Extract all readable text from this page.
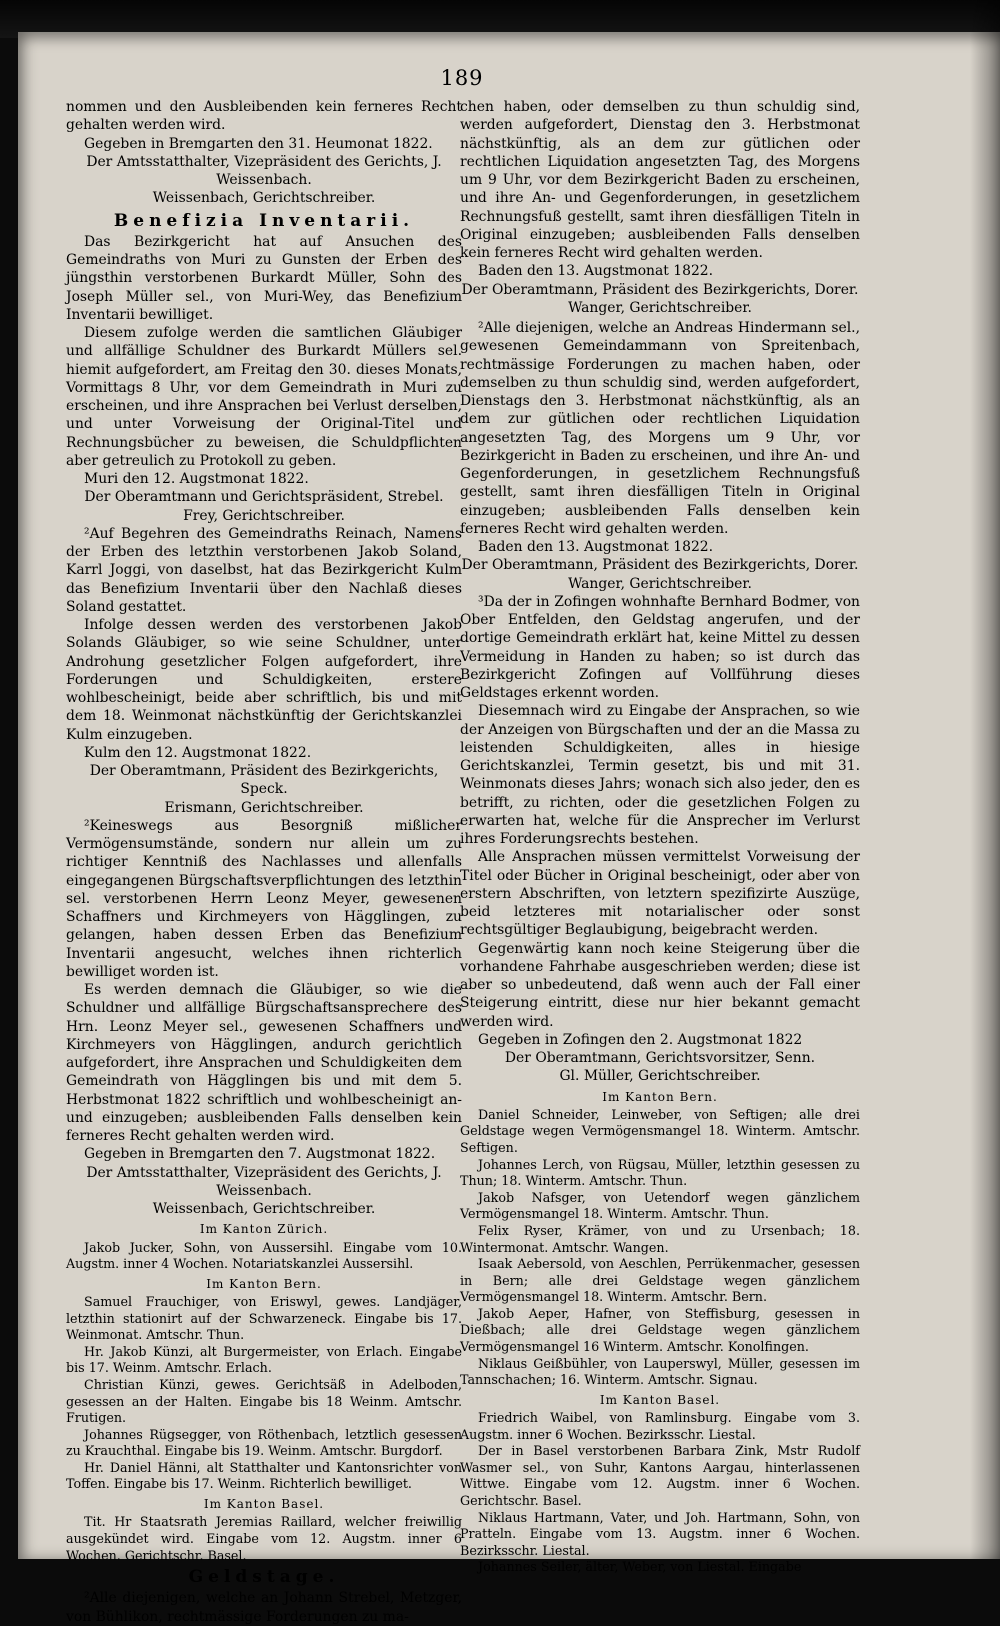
189

nommen und den Ausbleibenden kein ferneres Recht gehalten werden wird.

Gegeben in Bremgarten den 31. Heumonat 1822.

Der Amtsstatthalter, Vizepräsident des Gerichts, J. Weissenbach.

Weissenbach, Gerichtschreiber.

Benefizia Inventarii.

Das Bezirkgericht hat auf Ansuchen des Gemeindraths von Muri zu Gunsten der Erben des jüngsthin verstorbenen Burkardt Müller, Sohn des Joseph Müller sel., von Muri-Wey, das Benefizium Inventarii bewilliget.

Diesem zufolge werden die samtlichen Gläubiger und allfällige Schuldner des Burkardt Müllers sel. hiemit aufgefordert, am Freitag den 30. dieses Monats, Vormittags 8 Uhr, vor dem Gemeindrath in Muri zu erscheinen, und ihre Ansprachen bei Verlust derselben, und unter Vorweisung der Original-Titel und Rechnungsbücher zu beweisen, die Schuldpflichten aber getreulich zu Protokoll zu geben.

Muri den 12. Augstmonat 1822.

Der Oberamtmann und Gerichtspräsident, Strebel.

Frey, Gerichtschreiber.

²Auf Begehren des Gemeindraths Reinach, Namens der Erben des letzthin verstorbenen Jakob Soland, Karrl Joggi, von daselbst, hat das Bezirkgericht Kulm das Benefizium Inventarii über den Nachlaß dieses Soland gestattet.

Infolge dessen werden des verstorbenen Jakob Solands Gläubiger, so wie seine Schuldner, unter Androhung gesetzlicher Folgen aufgefordert, ihre Forderungen und Schuldigkeiten, erstere wohlbescheinigt, beide aber schriftlich, bis und mit dem 18. Weinmonat nächstkünftig der Gerichtskanzlei Kulm einzugeben.

Kulm den 12. Augstmonat 1822.

Der Oberamtmann, Präsident des Bezirkgerichts, Speck.

Erismann, Gerichtschreiber.

²Keineswegs aus Besorgniß mißlicher Vermögensumstände, sondern nur allein um zu richtiger Kenntniß des Nachlasses und allenfalls eingegangenen Bürgschaftsverpflichtungen des letzthin sel. verstorbenen Herrn Leonz Meyer, gewesenen Schaffners und Kirchmeyers von Hägglingen, zu gelangen, haben dessen Erben das Benefizium Inventarii angesucht, welches ihnen richterlich bewilliget worden ist.

Es werden demnach die Gläubiger, so wie die Schuldner und allfällige Bürgschaftsansprechere des Hrn. Leonz Meyer sel., gewesenen Schaffners und Kirchmeyers von Hägglingen, andurch gerichtlich aufgefordert, ihre Ansprachen und Schuldigkeiten dem Gemeindrath von Hägglingen bis und mit dem 5. Herbstmonat 1822 schriftlich und wohlbescheinigt an- und einzugeben; ausbleibenden Falls denselben kein ferneres Recht gehalten werden wird.

Gegeben in Bremgarten den 7. Augstmonat 1822.

Der Amtsstatthalter, Vizepräsident des Gerichts, J. Weissenbach.

Weissenbach, Gerichtschreiber.

Im Kanton Zürich.

Jakob Jucker, Sohn, von Aussersihl. Eingabe vom 10. Augstm. inner 4 Wochen. Notariatskanzlei Aussersihl.

Im Kanton Bern.

Samuel Frauchiger, von Eriswyl, gewes. Landjäger, letzthin stationirt auf der Schwarzeneck. Eingabe bis 17. Weinmonat. Amtschr. Thun.

Hr. Jakob Künzi, alt Burgermeister, von Erlach. Eingabe bis 17. Weinm. Amtschr. Erlach.

Christian Künzi, gewes. Gerichtsäß in Adelboden, gesessen an der Halten. Eingabe bis 18 Weinm. Amtschr. Frutigen.

Johannes Rügsegger, von Röthenbach, letztlich gesessen zu Krauchthal. Eingabe bis 19. Weinm. Amtschr. Burgdorf.

Hr. Daniel Hänni, alt Statthalter und Kantonsrichter von Toffen. Eingabe bis 17. Weinm. Richterlich bewilliget.

Im Kanton Basel.

Tit. Hr Staatsrath Jeremias Raillard, welcher freiwillig ausgekündet wird. Eingabe vom 12. Augstm. inner 6 Wochen. Gerichtschr. Basel.

Geldstage.

²Alle diejenigen, welche an Johann Strebel, Metzger, von Bühlikon, rechtmässige Forderungen zu ma-

chen haben, oder demselben zu thun schuldig sind, werden aufgefordert, Dienstag den 3. Herbstmonat nächstkünftig, als an dem zur gütlichen oder rechtlichen Liquidation angesetzten Tag, des Morgens um 9 Uhr, vor dem Bezirkgericht Baden zu erscheinen, und ihre An- und Gegenforderungen, in gesetzlichem Rechnungsfuß gestellt, samt ihren diesfälligen Titeln in Original einzugeben; ausbleibenden Falls denselben kein ferneres Recht wird gehalten werden.

Baden den 13. Augstmonat 1822.

Der Oberamtmann, Präsident des Bezirkgerichts, Dorer.

Wanger, Gerichtschreiber.

²Alle diejenigen, welche an Andreas Hindermann sel., gewesenen Gemeindammann von Spreitenbach, rechtmässige Forderungen zu machen haben, oder demselben zu thun schuldig sind, werden aufgefordert, Dienstags den 3. Herbstmonat nächstkünftig, als an dem zur gütlichen oder rechtlichen Liquidation angesetzten Tag, des Morgens um 9 Uhr, vor Bezirkgericht in Baden zu erscheinen, und ihre An- und Gegenforderungen, in gesetzlichem Rechnungsfuß gestellt, samt ihren diesfälligen Titeln in Original einzugeben; ausbleibenden Falls denselben kein ferneres Recht wird gehalten werden.

Baden den 13. Augstmonat 1822.

Der Oberamtmann, Präsident des Bezirkgerichts, Dorer.

Wanger, Gerichtschreiber.

³Da der in Zofingen wohnhafte Bernhard Bodmer, von Ober Entfelden, den Geldstag angerufen, und der dortige Gemeindrath erklärt hat, keine Mittel zu dessen Vermeidung in Handen zu haben; so ist durch das Bezirkgericht Zofingen auf Vollführung dieses Geldstages erkennt worden.

Diesemnach wird zu Eingabe der Ansprachen, so wie der Anzeigen von Bürgschaften und der an die Massa zu leistenden Schuldigkeiten, alles in hiesige Gerichtskanzlei, Termin gesetzt, bis und mit 31. Weinmonats dieses Jahrs; wonach sich also jeder, den es betrifft, zu richten, oder die gesetzlichen Folgen zu erwarten hat, welche für die Ansprecher im Verlurst ihres Forderungsrechts bestehen.

Alle Ansprachen müssen vermittelst Vorweisung der Titel oder Bücher in Original bescheinigt, oder aber von erstern Abschriften, von letztern spezifizirte Auszüge, beid letzteres mit notarialischer oder sonst rechtsgültiger Beglaubigung, beigebracht werden.

Gegenwärtig kann noch keine Steigerung über die vorhandene Fahrhabe ausgeschrieben werden; diese ist aber so unbedeutend, daß wenn auch der Fall einer Steigerung eintritt, diese nur hier bekannt gemacht werden wird.

Gegeben in Zofingen den 2. Augstmonat 1822

Der Oberamtmann, Gerichtsvorsitzer, Senn.

Gl. Müller, Gerichtschreiber.

Im Kanton Bern.

Daniel Schneider, Leinweber, von Seftigen; alle drei Geldstage wegen Vermögensmangel 18. Winterm. Amtschr. Seftigen.

Johannes Lerch, von Rügsau, Müller, letzthin gesessen zu Thun; 18. Winterm. Amtschr. Thun.

Jakob Nafsger, von Uetendorf wegen gänzlichem Vermögensmangel 18. Winterm. Amtschr. Thun.

Felix Ryser, Krämer, von und zu Ursenbach; 18. Wintermonat. Amtschr. Wangen.

Isaak Aebersold, von Aeschlen, Perrükenmacher, gesessen in Bern; alle drei Geldstage wegen gänzlichem Vermögensmangel 18. Winterm. Amtschr. Bern.

Jakob Aeper, Hafner, von Steffisburg, gesessen in Dießbach; alle drei Geldstage wegen gänzlichem Vermögensmangel 16 Winterm. Amtschr. Konolfingen.

Niklaus Geißbühler, von Lauperswyl, Müller, gesessen im Tannschachen; 16. Winterm. Amtschr. Signau.

Im Kanton Basel.

Friedrich Waibel, von Ramlinsburg. Eingabe vom 3. Augstm. inner 6 Wochen. Bezirksschr. Liestal.

Der in Basel verstorbenen Barbara Zink, Mstr Rudolf Wasmer sel., von Suhr, Kantons Aargau, hinterlassenen Wittwe. Eingabe vom 12. Augstm. inner 6 Wochen. Gerichtschr. Basel.

Niklaus Hartmann, Vater, und Joh. Hartmann, Sohn, von Pratteln. Eingabe vom 13. Augstm. inner 6 Wochen. Bezirksschr. Liestal.

Johannes Seiler, älter, Weber, von Liestal. Eingabe
